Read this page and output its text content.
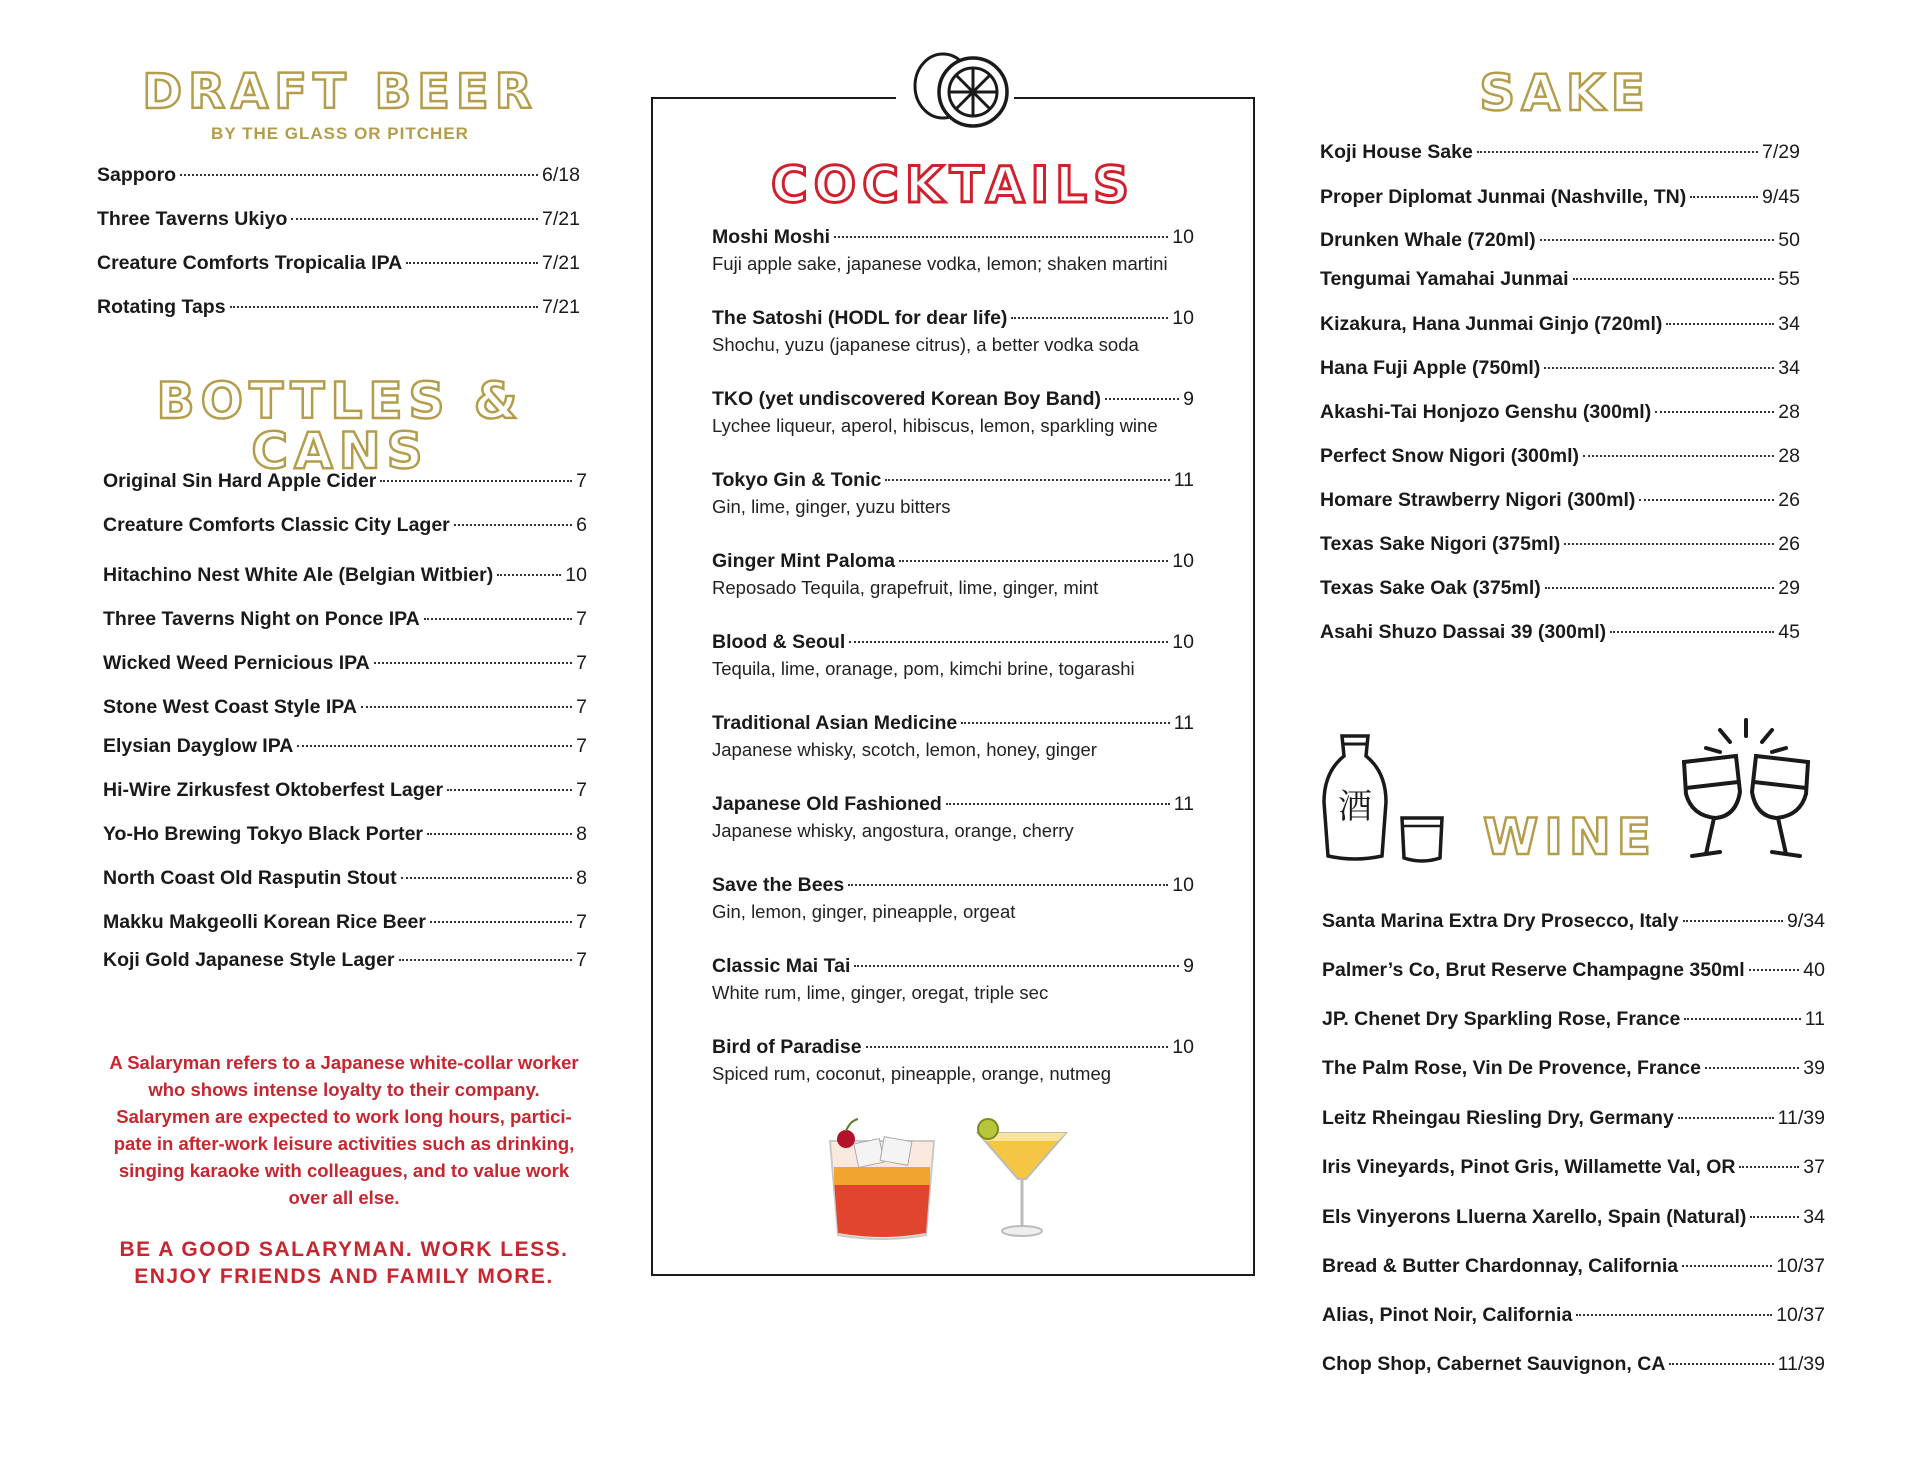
DRAFT BEER
BY THE GLASS OR PITCHER
Sapporo	6/18
Three Taverns Ukiyo	7/21
Creature Comforts Tropicalia IPA	7/21
Rotating Taps	7/21
BOTTLES & CANS
Original Sin Hard Apple Cider	7
Creature Comforts Classic City Lager	6
Hitachino Nest White Ale (Belgian Witbier)	10
Three Taverns Night on Ponce IPA	7
Wicked Weed Pernicious IPA	7
Stone West Coast Style IPA	7
Elysian Dayglow IPA	7
Hi-Wire Zirkusfest Oktoberfest Lager	7
Yo-Ho Brewing Tokyo Black Porter	8
North Coast Old Rasputin Stout	8
Makku Makgeolli Korean Rice Beer	7
Koji Gold Japanese Style Lager	7
A Salaryman refers to a Japanese white-collar worker who shows intense loyalty to their company. Salarymen are expected to work long hours, partici-pate in after-work leisure activities such as drinking, singing karaoke with colleagues, and to value work over all else.
BE A GOOD SALARYMAN. WORK LESS.
ENJOY FRIENDS AND FAMILY MORE.
COCKTAILS
Moshi Moshi	10
Fuji apple sake, japanese vodka, lemon; shaken martini
The Satoshi (HODL for dear life)	10
Shochu, yuzu (japanese citrus), a better vodka soda
TKO (yet undiscovered Korean Boy Band)	9
Lychee liqueur, aperol, hibiscus, lemon, sparkling wine
Tokyo Gin & Tonic	11
Gin, lime, ginger, yuzu bitters
Ginger Mint Paloma	10
Reposado Tequila, grapefruit, lime, ginger, mint
Blood & Seoul	10
Tequila, lime, oranage, pom, kimchi brine, togarashi
Traditional Asian Medicine	11
Japanese whisky, scotch, lemon, honey, ginger
Japanese Old Fashioned	11
Japanese whisky, angostura, orange, cherry
Save the Bees	10
Gin, lemon, ginger, pineapple, orgeat
Classic Mai Tai	9
White rum, lime, ginger, oregat, triple sec
Bird of Paradise	10
Spiced rum, coconut, pineapple, orange, nutmeg
SAKE
Koji House Sake	7/29
Proper Diplomat Junmai (Nashville, TN)	9/45
Drunken Whale (720ml)	50
Tengumai Yamahai Junmai	55
Kizakura, Hana Junmai Ginjo (720ml)	34
Hana Fuji Apple (750ml)	34
Akashi-Tai Honjozo Genshu (300ml)	28
Perfect Snow Nigori (300ml)	28
Homare Strawberry Nigori (300ml)	26
Texas Sake Nigori (375ml)	26
Texas Sake Oak (375ml)	29
Asahi Shuzo Dassai 39 (300ml)	45
酒
WINE
Santa Marina Extra Dry Prosecco, Italy	9/34
Palmer’s Co, Brut Reserve Champagne 350ml	40
JP. Chenet Dry Sparkling Rose, France	11
The Palm Rose, Vin De Provence, France	39
Leitz Rheingau Riesling Dry, Germany	11/39
Iris Vineyards, Pinot Gris, Willamette Val, OR	37
Els Vinyerons Lluerna Xarello, Spain (Natural)	34
Bread & Butter Chardonnay, California	10/37
Alias, Pinot Noir, California	10/37
Chop Shop, Cabernet Sauvignon, CA	11/39
